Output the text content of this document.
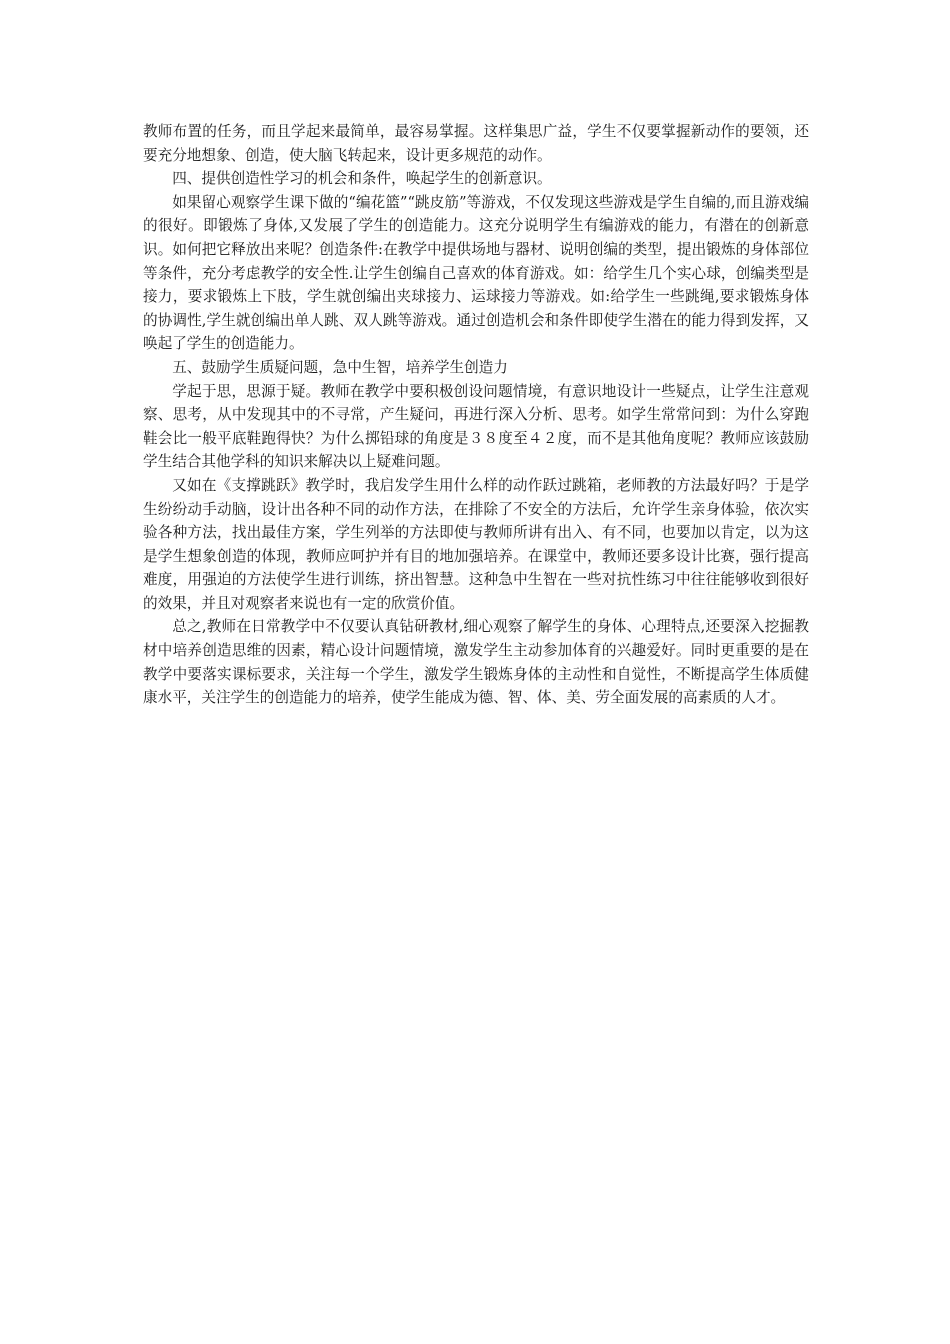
教师布置的任务，而且学起来最简单，最容易掌握。这样集思广益，学生不仅要掌握新动作的要领，还要充分地想象、创造，使大脑飞转起来，设计更多规范的动作。

四、提供创造性学习的机会和条件，唤起学生的创新意识。

如果留心观察学生课下做的“编花篮”“跳皮筋”等游戏，不仅发现这些游戏是学生自编的,而且游戏编的很好。即锻炼了身体,又发展了学生的创造能力。这充分说明学生有编游戏的能力，有潜在的创新意识。如何把它释放出来呢？创造条件:在教学中提供场地与器材、说明创编的类型，提出锻炼的身体部位等条件，充分考虑教学的安全性.让学生创编自己喜欢的体育游戏。如：给学生几个实心球，创编类型是接力，要求锻炼上下肢，学生就创编出夹球接力、运球接力等游戏。如:给学生一些跳绳,要求锻炼身体的协调性,学生就创编出单人跳、双人跳等游戏。通过创造机会和条件即使学生潜在的能力得到发挥，又唤起了学生的创造能力。

五、鼓励学生质疑问题，急中生智，培养学生创造力

学起于思，思源于疑。教师在教学中要积极创设问题情境，有意识地设计一些疑点，让学生注意观察、思考，从中发现其中的不寻常，产生疑问，再进行深入分析、思考。如学生常常问到：为什么穿跑鞋会比一般平底鞋跑得快？为什么掷铅球的角度是３８度至４２度，而不是其他角度呢？教师应该鼓励学生结合其他学科的知识来解决以上疑难问题。

又如在《支撑跳跃》教学时，我启发学生用什么样的动作跃过跳箱，老师教的方法最好吗？于是学生纷纷动手动脑，设计出各种不同的动作方法，在排除了不安全的方法后，允许学生亲身体验，依次实验各种方法，找出最佳方案，学生列举的方法即使与教师所讲有出入、有不同，也要加以肯定，以为这是学生想象创造的体现，教师应呵护并有目的地加强培养。在课堂中，教师还要多设计比赛，强行提高难度，用强迫的方法使学生进行训练，挤出智慧。这种急中生智在一些对抗性练习中往往能够收到很好的效果，并且对观察者来说也有一定的欣赏价值。

总之,教师在日常教学中不仅要认真钻研教材,细心观察了解学生的身体、心理特点,还要深入挖掘教材中培养创造思维的因素，精心设计问题情境，激发学生主动参加体育的兴趣爱好。同时更重要的是在教学中要落实课标要求，关注每一个学生，激发学生锻炼身体的主动性和自觉性，不断提高学生体质健康水平，关注学生的创造能力的培养，使学生能成为德、智、体、美、劳全面发展的高素质的人才。
